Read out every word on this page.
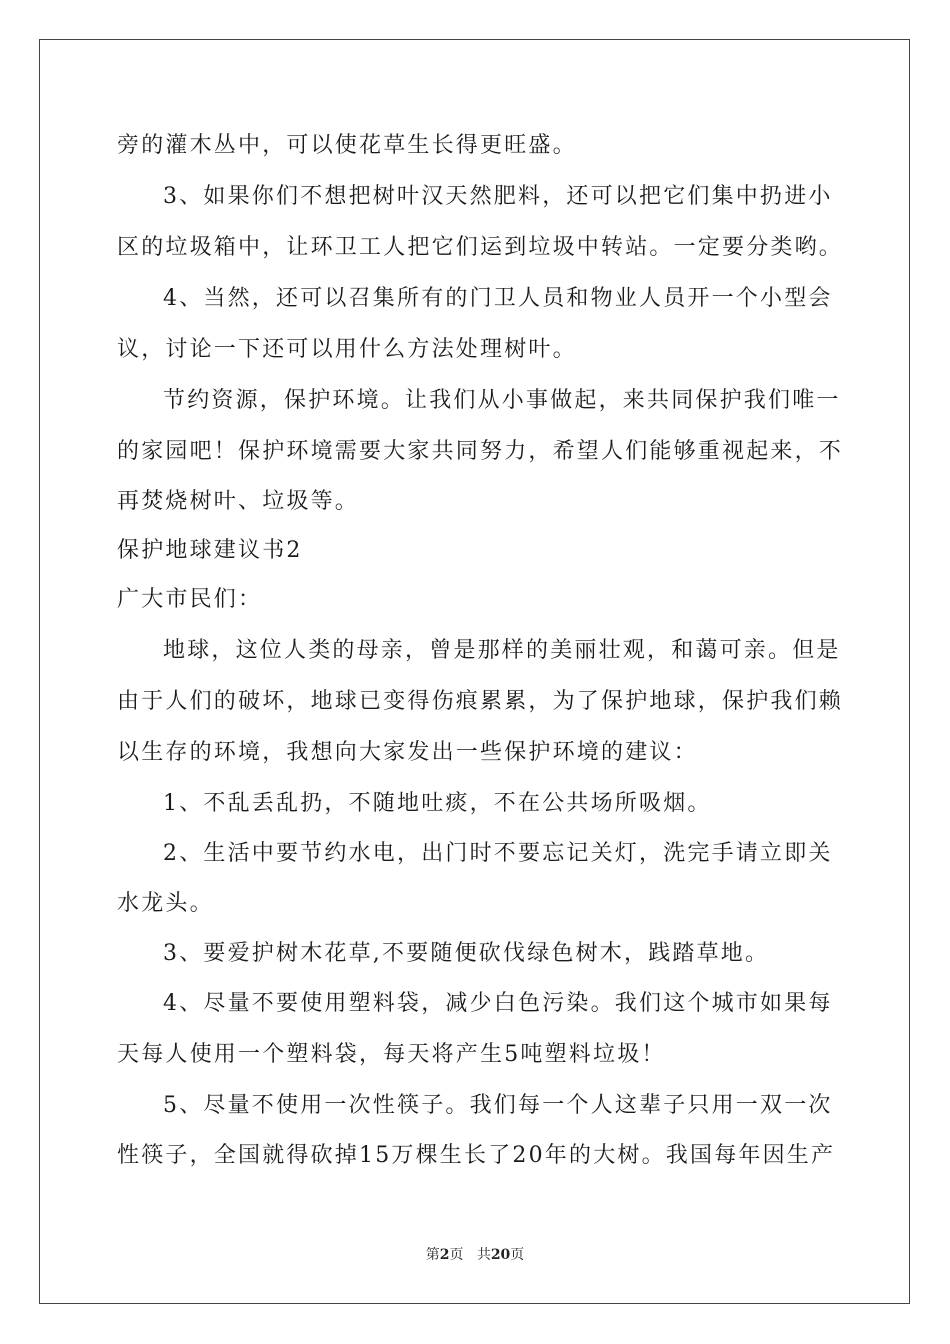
旁的灌木丛中，可以使花草生长得更旺盛。
3、如果你们不想把树叶汉天然肥料，还可以把它们集中扔进小
区的垃圾箱中，让环卫工人把它们运到垃圾中转站。一定要分类哟。
4、当然，还可以召集所有的门卫人员和物业人员开一个小型会
议，讨论一下还可以用什么方法处理树叶。
节约资源，保护环境。让我们从小事做起，来共同保护我们唯一
的家园吧！保护环境需要大家共同努力，希望人们能够重视起来，不
再焚烧树叶、垃圾等。
保护地球建议书2
广大市民们：
地球，这位人类的母亲，曾是那样的美丽壮观，和蔼可亲。但是
由于人们的破坏，地球已变得伤痕累累，为了保护地球，保护我们赖
以生存的环境，我想向大家发出一些保护环境的建议：
1、不乱丢乱扔，不随地吐痰，不在公共场所吸烟。
2、生活中要节约水电，出门时不要忘记关灯，洗完手请立即关
水龙头。
3、要爱护树木花草,不要随便砍伐绿色树木，践踏草地。
4、尽量不要使用塑料袋，减少白色污染。我们这个城市如果每
天每人使用一个塑料袋，每天将产生5吨塑料垃圾！
5、尽量不使用一次性筷子。我们每一个人这辈子只用一双一次
性筷子，全国就得砍掉15万棵生长了20年的大树。我国每年因生产
第2页 共20页
